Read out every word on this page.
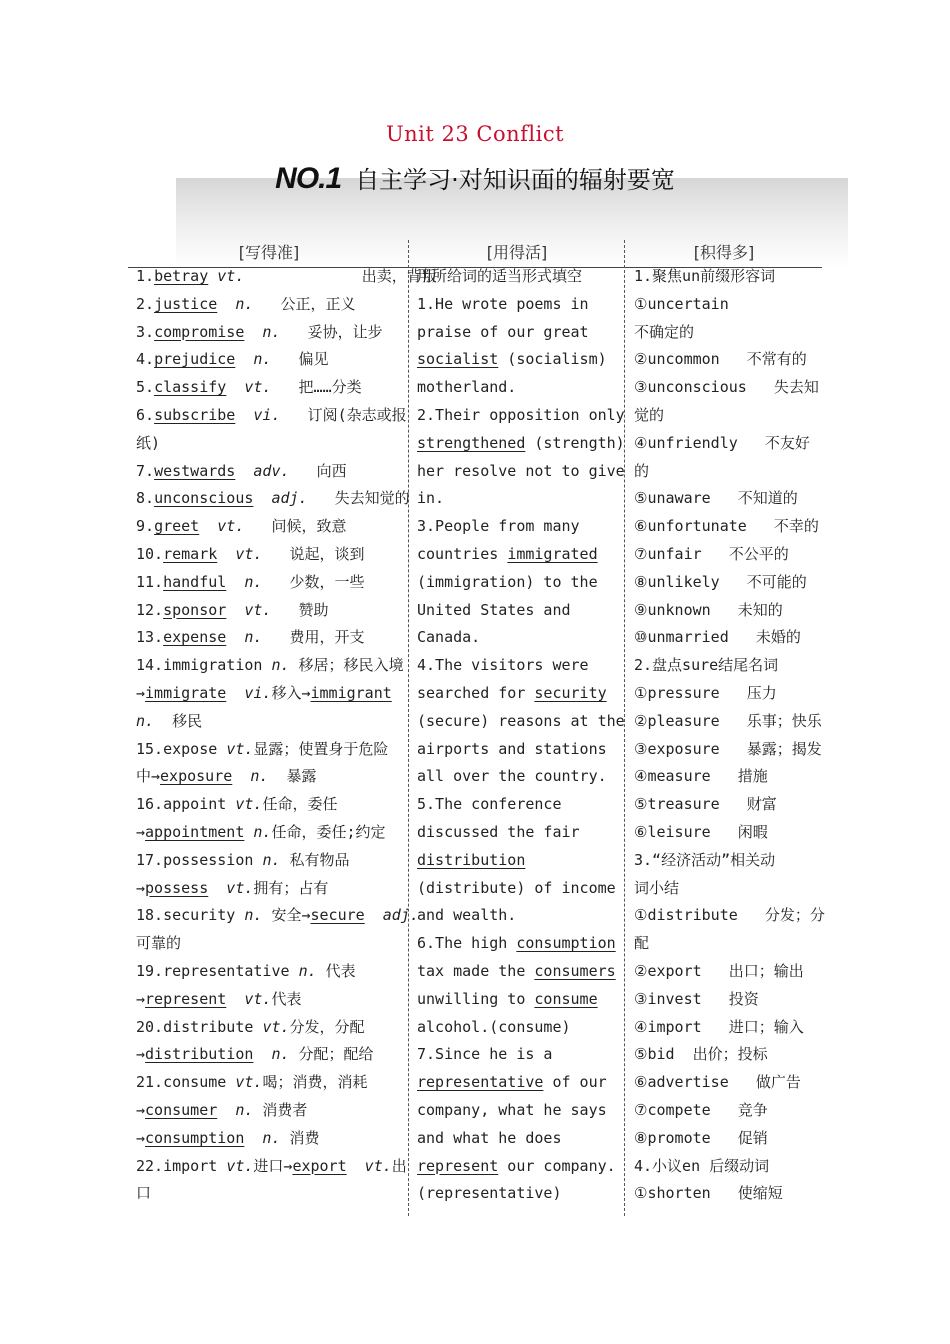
Unit 23 Conflict
NO.1 自主学习·对知识面的辐射要宽
[写得准]	[用得活]	[积得多]
1.betray vt.             出卖，背叛
2.justice  n.   公正，正义
3.compromise  n.   妥协，让步
4.prejudice  n.   偏见
5.classify  vt.   把……分类
6.subscribe  vi.   订阅(杂志或报
纸)
7.westwards  adv.   向西
8.unconscious  adj.   失去知觉的
9.greet  vt.   问候，致意
10.remark  vt.   说起，谈到
11.handful  n.   少数，一些
12.sponsor  vt.   赞助
13.expense  n.   费用，开支
14.immigration n. 移居；移民入境
→immigrate  vi.移入→immigrant
n.  移民
15.expose vt.显露；使置身于危险
中→exposure  n.  暴露
16.appoint vt.任命，委任
→appointment n.任命，委任;约定
17.possession n. 私有物品
→possess  vt.拥有；占有
18.security n. 安全→secure  adj.
可靠的
19.representative n. 代表
→represent  vt.代表
20.distribute vt.分发，分配
→distribution  n. 分配；配给
21.consume vt.喝；消费，消耗
→consumer  n. 消费者
→consumption  n. 消费
22.import vt.进口→export  vt.出
口
用所给词的适当形式填空
1.He wrote poems in
praise of our great
socialist (socialism)
motherland.
2.Their opposition only
strengthened (strength)
her resolve not to give
in.
3.People from many
countries immigrated
(immigration) to the
United States and
Canada.
4.The visitors were
searched for security
(secure) reasons at the
airports and stations
all over the country.
5.The conference
discussed the fair
distribution
(distribute) of income
and wealth.
6.The high consumption
tax made the consumers
unwilling to consume
alcohol.(consume)
7.Since he is a
representative of our
company, what he says
and what he does
represent our company.
(representative)
1.聚焦un前缀形容词
①uncertain
不确定的
②uncommon   不常有的
③unconscious   失去知
觉的
④unfriendly   不友好
的
⑤unaware   不知道的
⑥unfortunate   不幸的
⑦unfair   不公平的
⑧unlikely   不可能的
⑨unknown   未知的
⑩unmarried   未婚的
2.盘点sure结尾名词
①pressure   压力
②pleasure   乐事；快乐
③exposure   暴露；揭发
④measure   措施
⑤treasure   财富
⑥leisure   闲暇
3.“经济活动”相关动
词小结
①distribute   分发；分
配
②export   出口；输出
③invest   投资
④import   进口；输入
⑤bid  出价；投标
⑥advertise   做广告
⑦compete   竞争
⑧promote   促销
4.小议en 后缀动词
①shorten   使缩短
